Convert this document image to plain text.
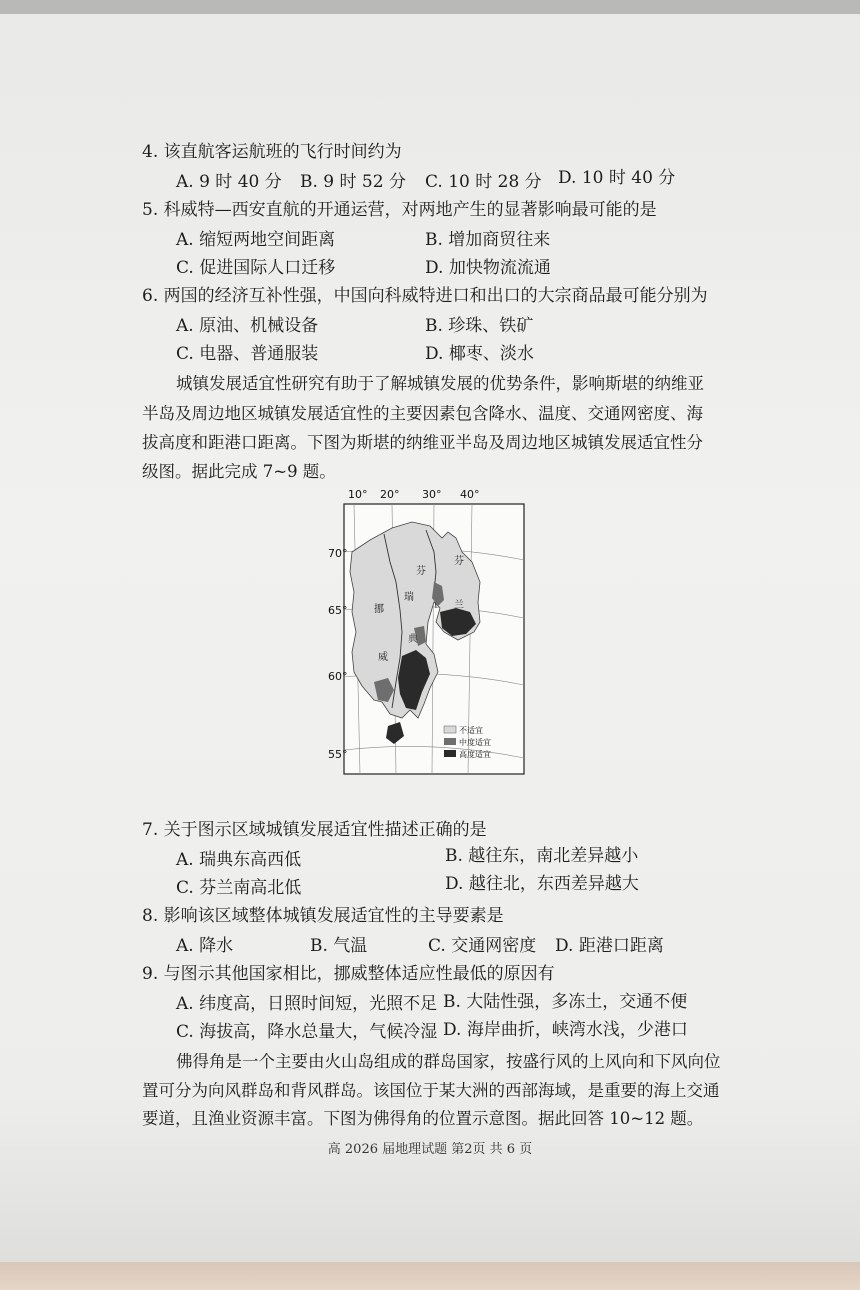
4. 该直航客运航班的飞行时间约为
A. 9 时 40 分 B. 9 时 52 分 C. 10 时 28 分 D. 10 时 40 分
5. 科威特—西安直航的开通运营，对两地产生的显著影响最可能的是
A. 缩短两地空间距离	B. 增加商贸往来
C. 促进国际人口迁移	D. 加快物流流通
6. 两国的经济互补性强，中国向科威特进口和出口的大宗商品最可能分别为
A. 原油、机械设备	B. 珍珠、铁矿
C. 电器、普通服装	D. 椰枣、淡水
城镇发展适宜性研究有助于了解城镇发展的优势条件，影响斯堪的纳维亚
半岛及周边地区城镇发展适宜性的主要因素包含降水、温度、交通网密度、海
拔高度和距港口距离。下图为斯堪的纳维亚半岛及周边地区城镇发展适宜性分
级图。据此完成 7~9 题。
10° 20° 30° 40°
70°
65°
60°
55°
芬
芬
兰
瑞
典
挪
威
不适宜
中度适宜
高度适宜
7. 关于图示区域城镇发展适宜性描述正确的是
A. 瑞典东高西低	B. 越往东，南北差异越小
C. 芬兰南高北低	D. 越往北，东西差异越大
8. 影响该区域整体城镇发展适宜性的主导要素是
A. 降水	B. 气温	C. 交通网密度 D. 距港口距离
9. 与图示其他国家相比，挪威整体适应性最低的原因有
A. 纬度高，日照时间短，光照不足 B. 大陆性强，多冻土，交通不便
C. 海拔高，降水总量大，气候冷湿 D. 海岸曲折，峡湾水浅，少港口
佛得角是一个主要由火山岛组成的群岛国家，按盛行风的上风向和下风向位
置可分为向风群岛和背风群岛。该国位于某大洲的西部海域，是重要的海上交通
要道，且渔业资源丰富。下图为佛得角的位置示意图。据此回答 10~12 题。
高 2026 届地理试题 第2页 共 6 页
